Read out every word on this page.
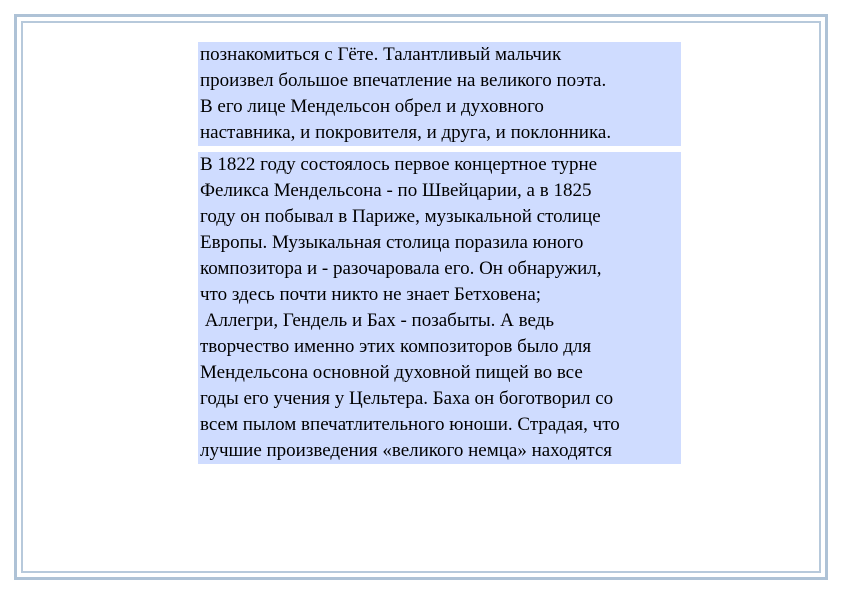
познакомиться с Гёте. Талантливый мальчик
произвел большое впечатление на великого поэта.
В его лице Мендельсон обрел и духовного
наставника, и покровителя, и друга, и поклонника.
В 1822 году состоялось первое концертное турне
Феликса Мендельсона - по Швейцарии, а в 1825
году он побывал в Париже, музыкальной столице
Европы. Музыкальная столица поразила юного
композитора и - разочаровала его. Он обнаружил,
что здесь почти никто не знает Бетховена;
Аллегри, Гендель и Бах - позабыты. А ведь
творчество именно этих композиторов было для
Мендельсона основной духовной пищей во все
годы его учения у Цельтера. Баха он боготворил со
всем пылом впечатлительного юноши. Страдая, что
лучшие произведения «великого немца» находятся
